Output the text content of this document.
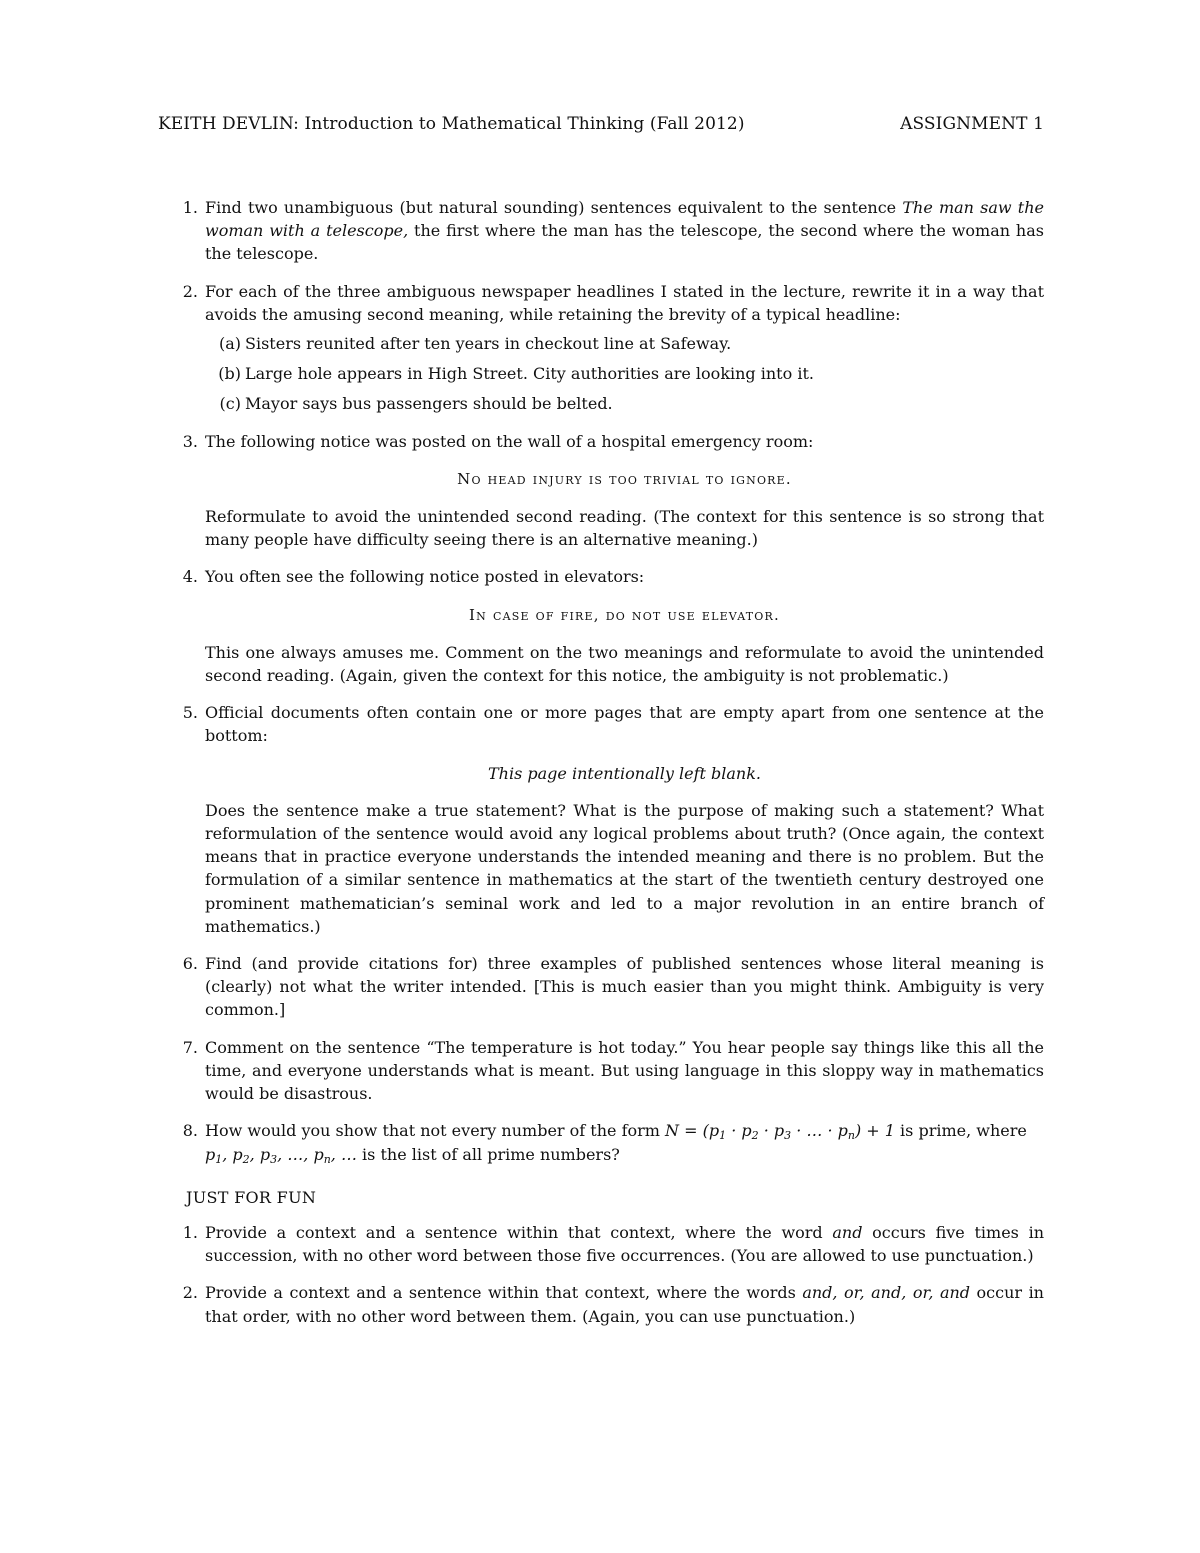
KEITH DEVLIN: Introduction to Mathematical Thinking (Fall 2012)	ASSIGNMENT 1
1. Find two unambiguous (but natural sounding) sentences equivalent to the sentence The man saw the woman with a telescope, the first where the man has the telescope, the second where the woman has the telescope.

2. For each of the three ambiguous newspaper headlines I stated in the lecture, rewrite it in a way that avoids the amusing second meaning, while retaining the brevity of a typical headline:

(a) Sisters reunited after ten years in checkout line at Safeway.
(b) Large hole appears in High Street. City authorities are looking into it.
(c) Mayor says bus passengers should be belted.
3. The following notice was posted on the wall of a hospital emergency room:

No head injury is too trivial to ignore.

Reformulate to avoid the unintended second reading. (The context for this sentence is so strong that many people have difficulty seeing there is an alternative meaning.)

4. You often see the following notice posted in elevators:

In case of fire, do not use elevator.

This one always amuses me. Comment on the two meanings and reformulate to avoid the unintended second reading. (Again, given the context for this notice, the ambiguity is not problematic.)

5. Official documents often contain one or more pages that are empty apart from one sentence at the bottom:

This page intentionally left blank.

Does the sentence make a true statement? What is the purpose of making such a statement? What reformulation of the sentence would avoid any logical problems about truth? (Once again, the context means that in practice everyone understands the intended meaning and there is no problem. But the formulation of a similar sentence in mathematics at the start of the twentieth century destroyed one prominent mathematician’s seminal work and led to a major revolution in an entire branch of mathematics.)

6. Find (and provide citations for) three examples of published sentences whose literal meaning is (clearly) not what the writer intended. [This is much easier than you might think. Ambiguity is very common.]

7. Comment on the sentence “The temperature is hot today.” You hear people say things like this all the time, and everyone understands what is meant. But using language in this sloppy way in mathematics would be disastrous.

8. How would you show that not every number of the form $N = (p_1 \cdot p_2 \cdot p_3$ · … · $p_n) + 1$ is prime, where $p_1$, $p_2$, $p_3$, …, $p_n$, … is the list of all prime numbers?

JUST FOR FUN
1. Provide a context and a sentence within that context, where the word and occurs five times in succession, with no other word between those five occurrences. (You are allowed to use punctuation.)

2. Provide a context and a sentence within that context, where the words and, or, and, or, and occur in that order, with no other word between them. (Again, you can use punctuation.)
